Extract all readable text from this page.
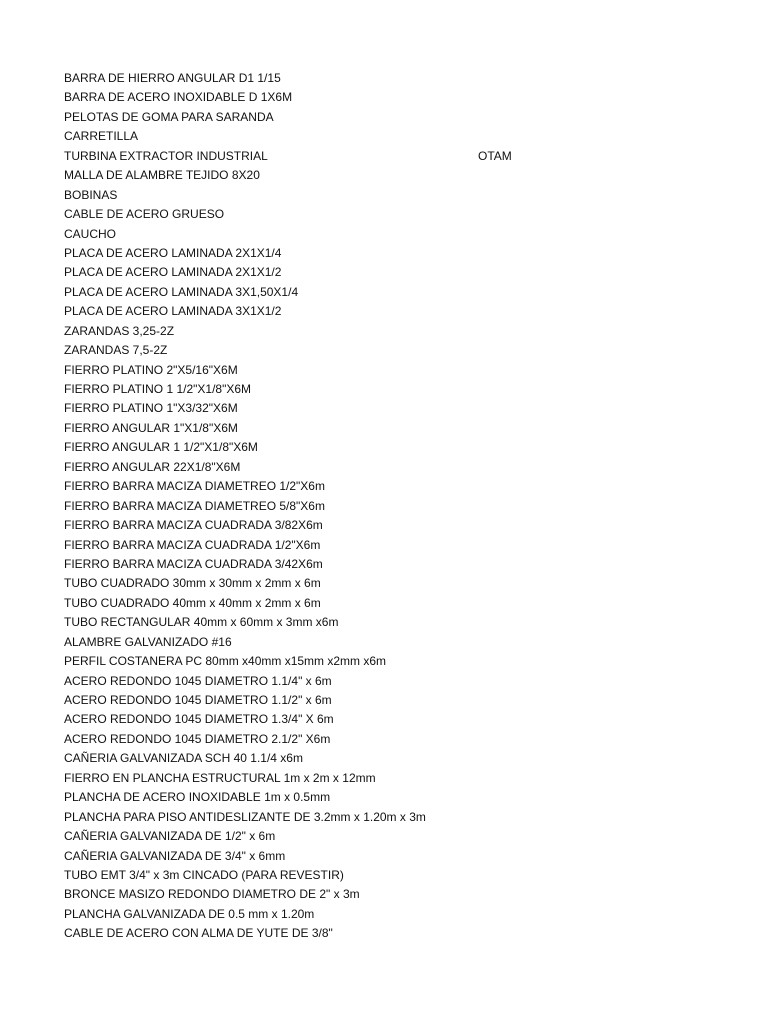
BARRA DE HIERRO ANGULAR D1 1/15
BARRA DE ACERO INOXIDABLE D 1X6M
PELOTAS DE GOMA PARA SARANDA
CARRETILLA
TURBINA EXTRACTOR INDUSTRIAL	OTAM
MALLA DE ALAMBRE TEJIDO 8X20
BOBINAS
CABLE DE ACERO GRUESO
CAUCHO
PLACA DE ACERO LAMINADA 2X1X1/4
PLACA DE ACERO LAMINADA 2X1X1/2
PLACA DE ACERO LAMINADA 3X1,50X1/4
PLACA DE ACERO LAMINADA 3X1X1/2
ZARANDAS 3,25-2Z
ZARANDAS 7,5-2Z
FIERRO PLATINO 2"X5/16"X6M
FIERRO PLATINO 1 1/2"X1/8"X6M
FIERRO PLATINO 1"X3/32"X6M
FIERRO ANGULAR 1"X1/8"X6M
FIERRO ANGULAR 1 1/2"X1/8"X6M
FIERRO ANGULAR 22X1/8"X6M
FIERRO BARRA MACIZA DIAMETREO 1/2"X6m
FIERRO BARRA MACIZA DIAMETREO 5/8"X6m
FIERRO BARRA MACIZA CUADRADA 3/82X6m
FIERRO BARRA MACIZA CUADRADA 1/2"X6m
FIERRO BARRA MACIZA CUADRADA 3/42X6m
TUBO CUADRADO 30mm x 30mm x 2mm x 6m
TUBO CUADRADO 40mm x 40mm x 2mm x 6m
TUBO RECTANGULAR 40mm x 60mm x 3mm x6m
ALAMBRE GALVANIZADO #16
PERFIL COSTANERA PC 80mm x40mm x15mm x2mm x6m
ACERO REDONDO 1045 DIAMETRO 1.1/4" x 6m
ACERO REDONDO 1045 DIAMETRO 1.1/2" x 6m
ACERO REDONDO 1045 DIAMETRO 1.3/4" X 6m
ACERO REDONDO 1045 DIAMETRO 2.1/2" X6m
CAÑERIA GALVANIZADA SCH 40 1.1/4 x6m
FIERRO EN PLANCHA ESTRUCTURAL 1m x 2m x 12mm
PLANCHA DE ACERO INOXIDABLE 1m x 0.5mm
PLANCHA PARA PISO ANTIDESLIZANTE DE 3.2mm x 1.20m x 3m
CAÑERIA GALVANIZADA DE 1/2" x 6m
CAÑERIA GALVANIZADA DE 3/4" x 6mm
TUBO EMT 3/4" x 3m CINCADO (PARA REVESTIR)
BRONCE MASIZO REDONDO DIAMETRO DE 2" x 3m
PLANCHA GALVANIZADA DE 0.5 mm x 1.20m
CABLE DE ACERO CON ALMA DE YUTE DE 3/8"
